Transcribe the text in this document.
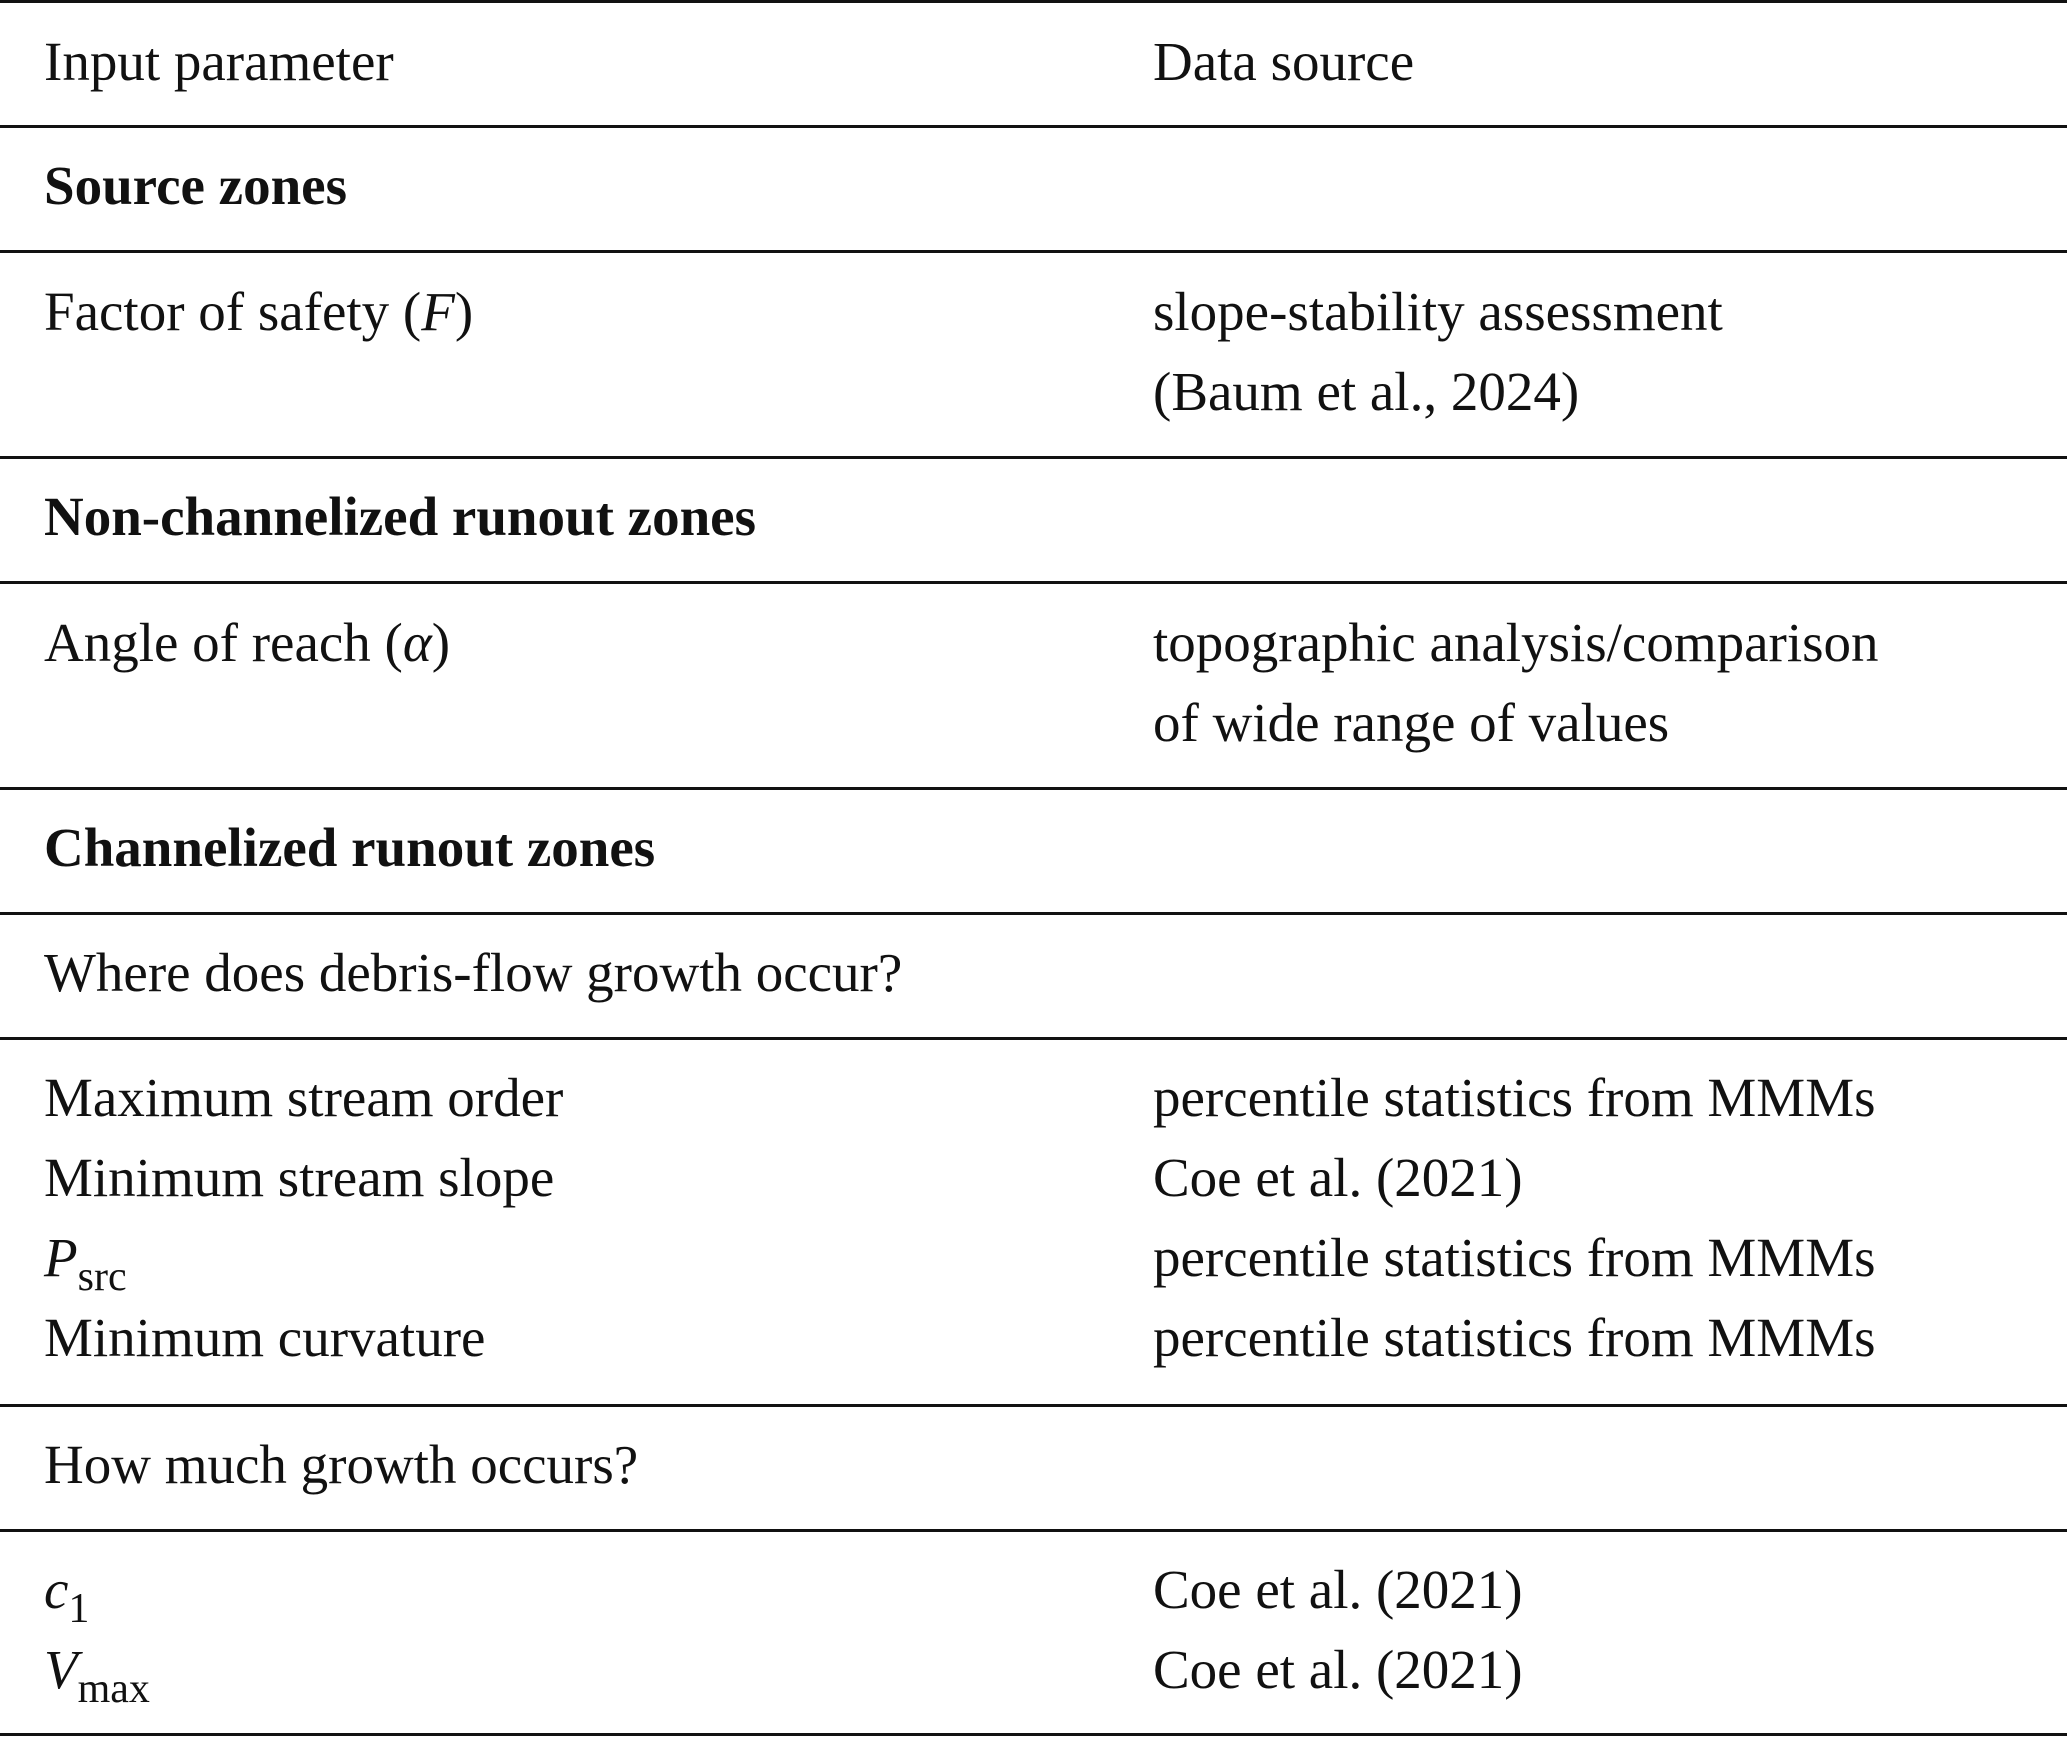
Input parameter	Data source
Source zones
Factor of safety (F)	slope-stability assessment
(Baum et al., 2024)
Non-channelized runout zones
Angle of reach (α)	topographic analysis/comparison
of wide range of values
Channelized runout zones
Where does debris-flow growth occur?
Maximum stream order	percentile statistics from MMMs
Minimum stream slope	Coe et al. (2021)
$P_{src}$	percentile statistics from MMMs
Minimum curvature	percentile statistics from MMMs
How much growth occurs?
$c_1$	Coe et al. (2021)
$V_{max}$	Coe et al. (2021)
